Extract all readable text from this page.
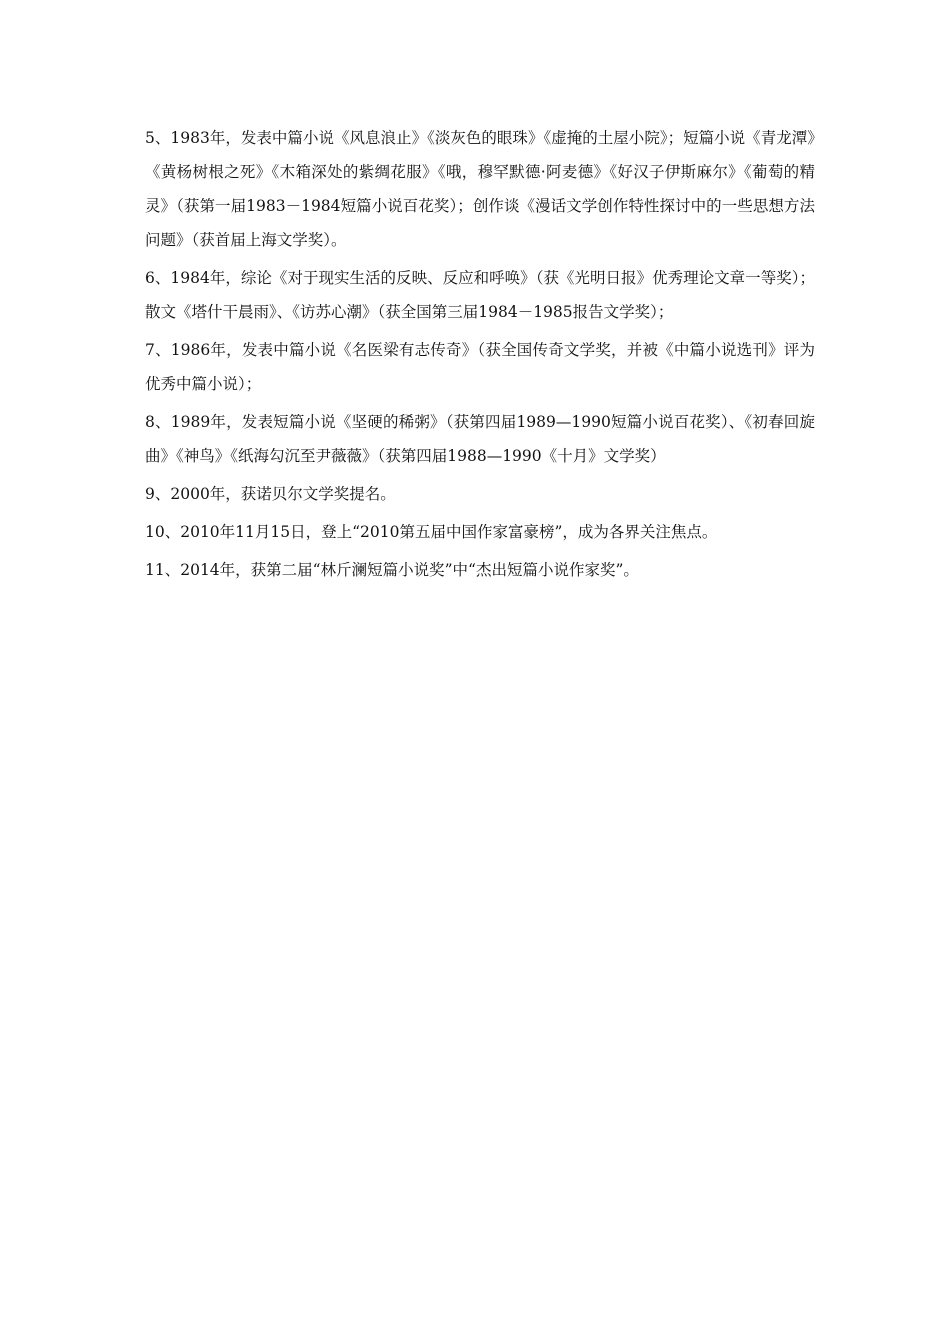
5、1983年，发表中篇小说《风息浪止》《淡灰色的眼珠》《虚掩的土屋小院》；短篇小说《青龙潭》《黄杨树根之死》《木箱深处的紫绸花服》《哦，穆罕默德·阿麦德》《好汉子伊斯麻尔》《葡萄的精灵》（获第一届1983－1984短篇小说百花奖）；创作谈《漫话文学创作特性探讨中的一些思想方法问题》（获首届上海文学奖）。

6、1984年，综论《对于现实生活的反映、反应和呼唤》（获《光明日报》优秀理论文章一等奖）；散文《塔什干晨雨》、《访苏心潮》（获全国第三届1984－1985报告文学奖）；

7、1986年，发表中篇小说《名医梁有志传奇》（获全国传奇文学奖，并被《中篇小说选刊》评为优秀中篇小说）；

8、1989年，发表短篇小说《坚硬的稀粥》（获第四届1989—1990短篇小说百花奖）、《初春回旋曲》《神鸟》《纸海勾沉至尹薇薇》（获第四届1988—1990《十月》文学奖）

9、2000年，获诺贝尔文学奖提名。

10、2010年11月15日，登上“2010第五届中国作家富豪榜”，成为各界关注焦点。

11、2014年，获第二届“林斤澜短篇小说奖”中“杰出短篇小说作家奖”。
